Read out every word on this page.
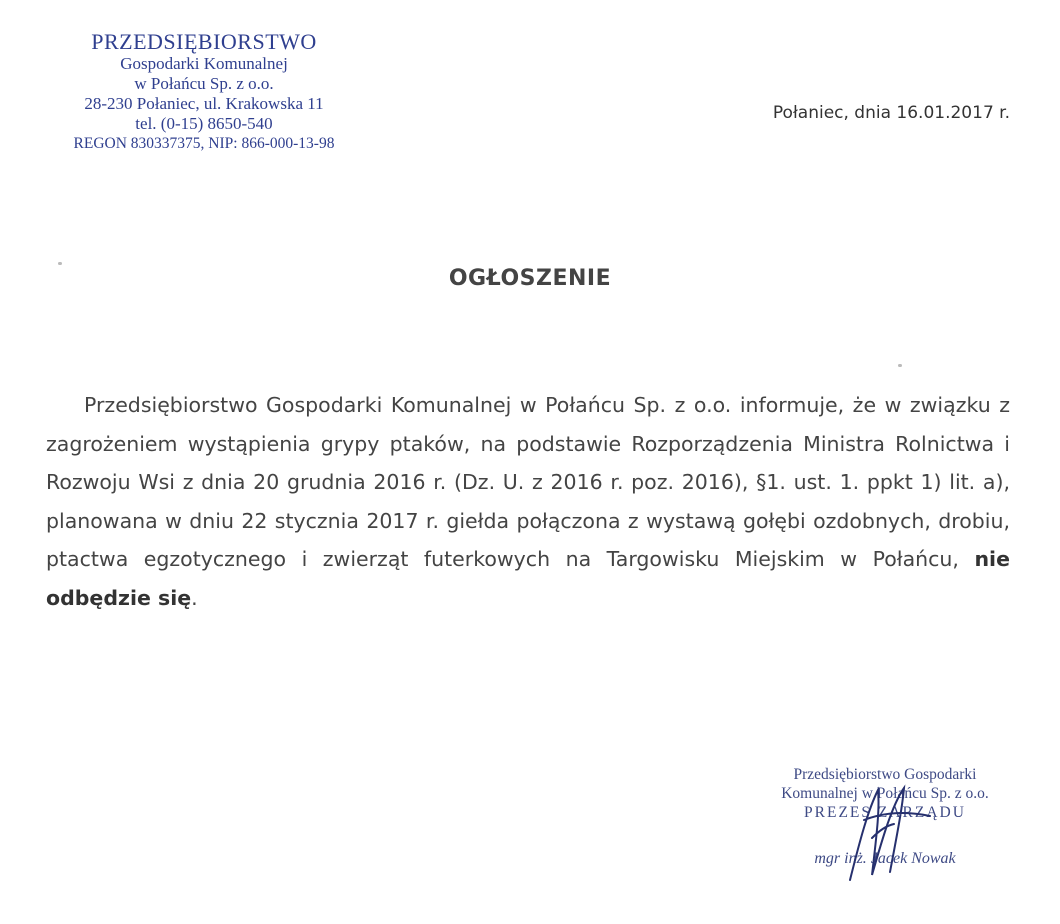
PRZEDSIĘBIORSTWO
Gospodarki Komunalnej
w Połańcu Sp. z o.o.
28-230 Połaniec, ul. Krakowska 11
tel. (0-15) 8650-540
REGON 830337375, NIP: 866-000-13-98
Połaniec, dnia 16.01.2017 r.
OGŁOSZENIE
Przedsiębiorstwo Gospodarki Komunalnej w Połańcu Sp. z o.o. informuje, że w związku z zagrożeniem wystąpienia grypy ptaków, na podstawie Rozporządzenia Ministra Rolnictwa i Rozwoju Wsi z dnia 20 grudnia 2016 r. (Dz. U. z 2016 r. poz. 2016), §1. ust. 1. ppkt 1) lit. a), planowana w dniu 22 stycznia 2017 r. giełda połączona z wystawą gołębi ozdobnych, drobiu, ptactwa egzotycznego i zwierząt futerkowych na Targowisku Miejskim w Połańcu, nie odbędzie się.
Przedsiębiorstwo Gospodarki
Komunalnej w Połańcu Sp. z o.o.
PREZES ZARZĄDU
mgr inż. Jacek Nowak
